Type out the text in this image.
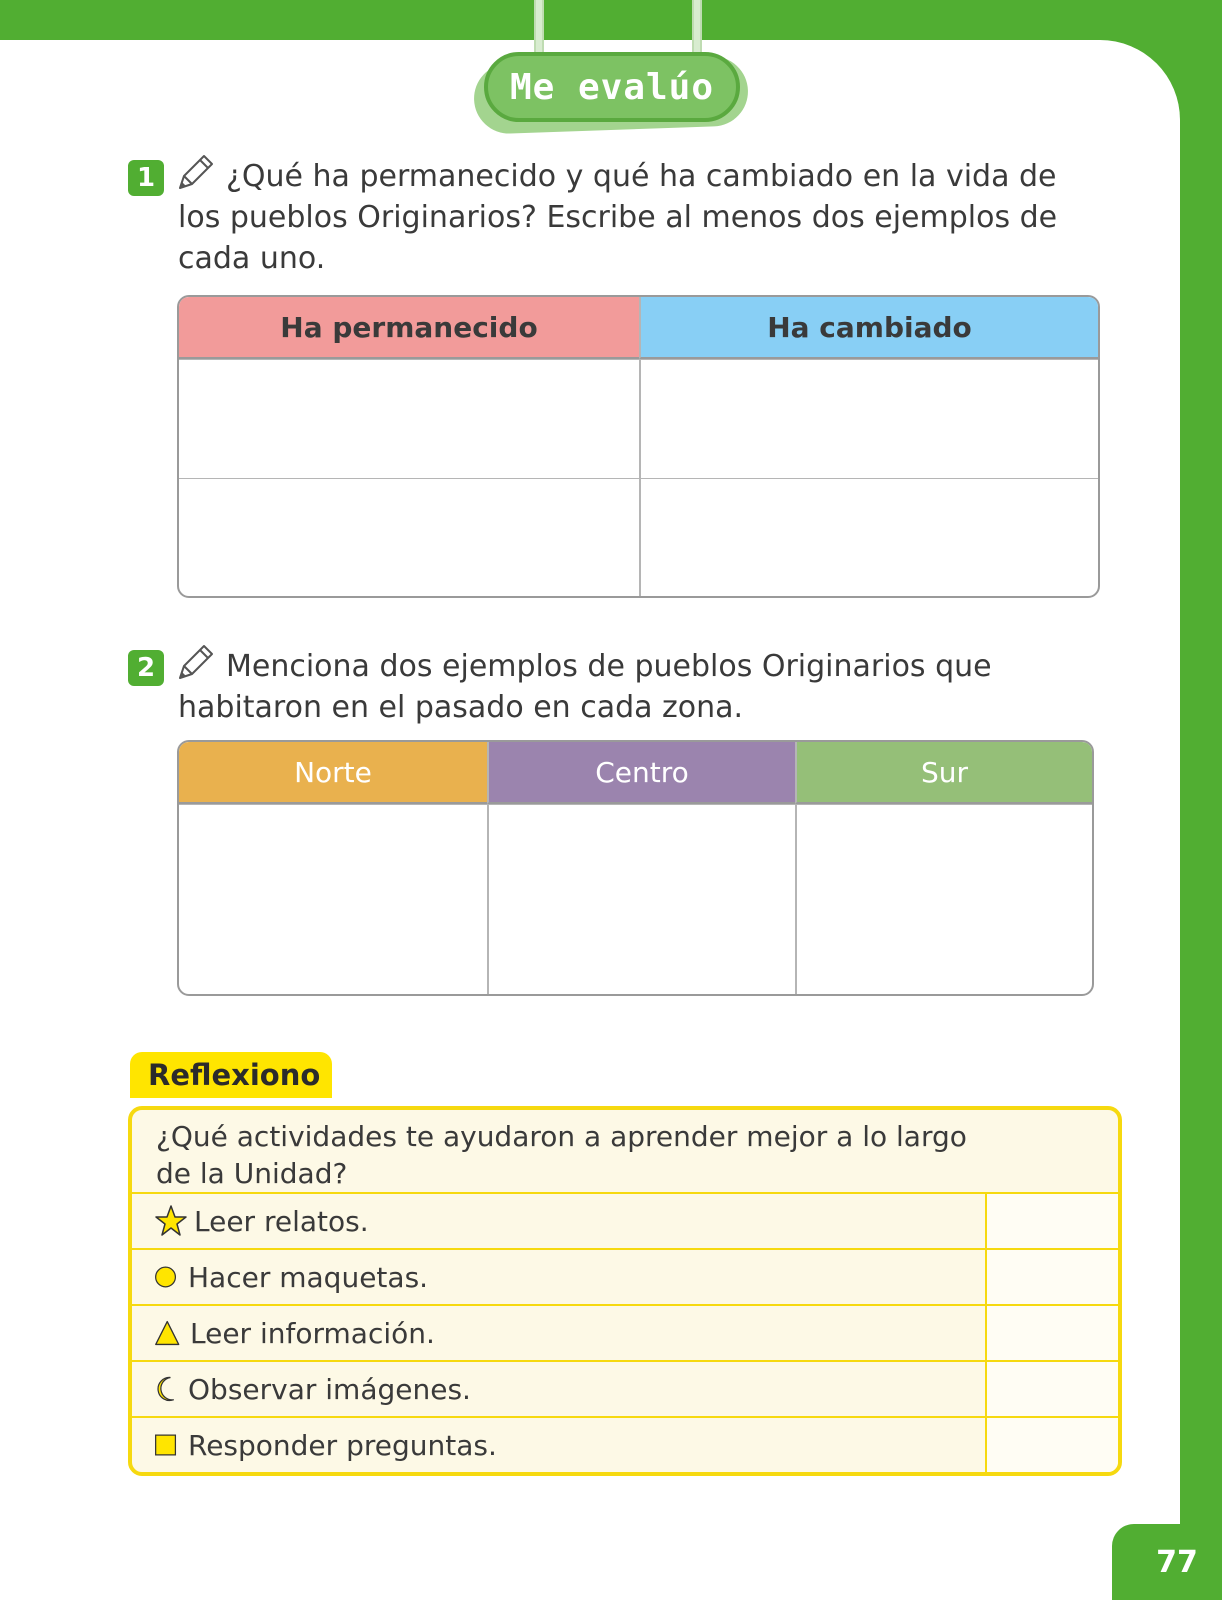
Me evalúo
1	¿Qué ha permanecido y qué ha cambiado en la vida de
los pueblos Originarios? Escribe al menos dos ejemplos de
cada uno.
Ha permanecido	Ha cambiado

2	Menciona dos ejemplos de pueblos Originarios que
habitaron en el pasado en cada zona.
Norte	Centro	Sur

Reflexiono
¿Qué actividades te ayudaron a aprender mejor a lo largo
de la Unidad?
Leer relatos.
Hacer maquetas.
Leer información.
Observar imágenes.
Responder preguntas.
77
